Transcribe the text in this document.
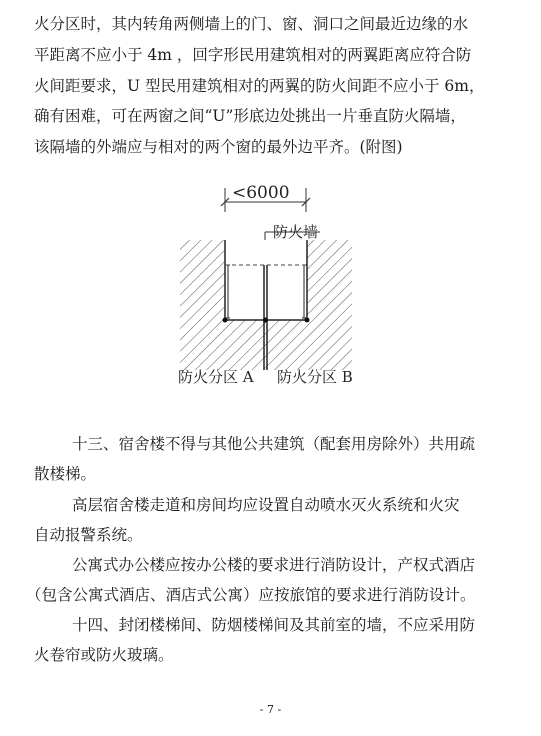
火分区时，其内转角两侧墙上的门、窗、洞口之间最近边缘的水
平距离不应小于 4m ，回字形民用建筑相对的两翼距离应符合防
火间距要求，U 型民用建筑相对的两翼的防火间距不应小于 6m，
确有困难，可在两窗之间“U”形底边处挑出一片垂直防火隔墙，
该隔墙的外端应与相对的两个窗的最外边平齐。(附图)
<6000
防火墙
防火分区 A 防火分区 B
十三、宿舍楼不得与其他公共建筑（配套用房除外）共用疏
散楼梯。
高层宿舍楼走道和房间均应设置自动喷水灭火系统和火灾
自动报警系统。
公寓式办公楼应按办公楼的要求进行消防设计，产权式酒店
（包含公寓式酒店、酒店式公寓）应按旅馆的要求进行消防设计。
十四、封闭楼梯间、防烟楼梯间及其前室的墙，不应采用防
火卷帘或防火玻璃。
- 7 -
